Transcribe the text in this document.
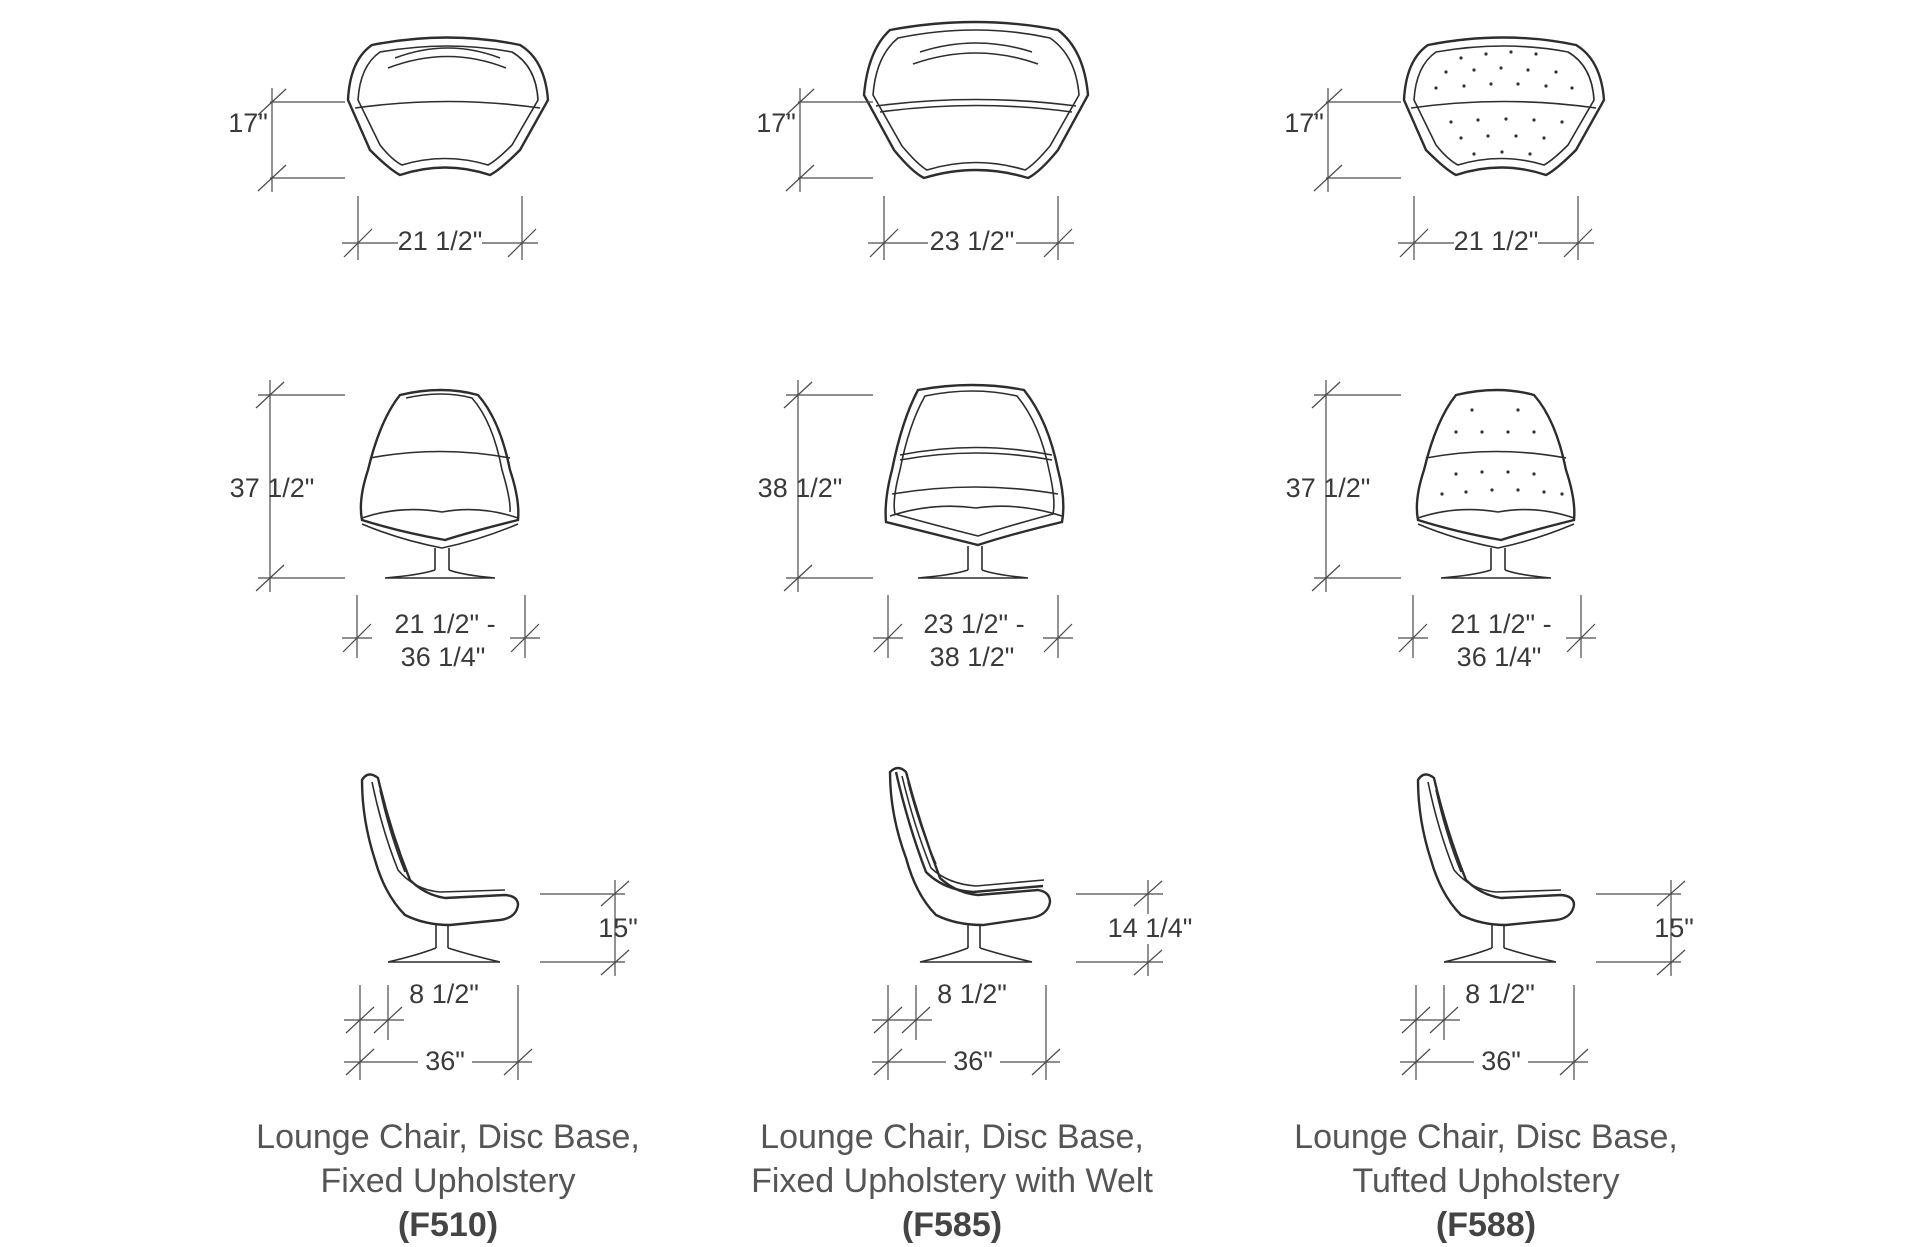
17"
21 1/2"
37 1/2"
21 1/2" -
36 1/4"
15"
8 1/2"
36"
17"
23 1/2"
38 1/2"
23 1/2" -
38 1/2"
14 1/4"
8 1/2"
36"
17"
21 1/2"
37 1/2"
21 1/2" -
36 1/4"
15"
8 1/2"
36"
Lounge Chair, Disc Base,
Fixed Upholstery
(F510)
Lounge Chair, Disc Base,
Fixed Upholstery with Welt
(F585)
Lounge Chair, Disc Base,
Tufted Upholstery
(F588)
